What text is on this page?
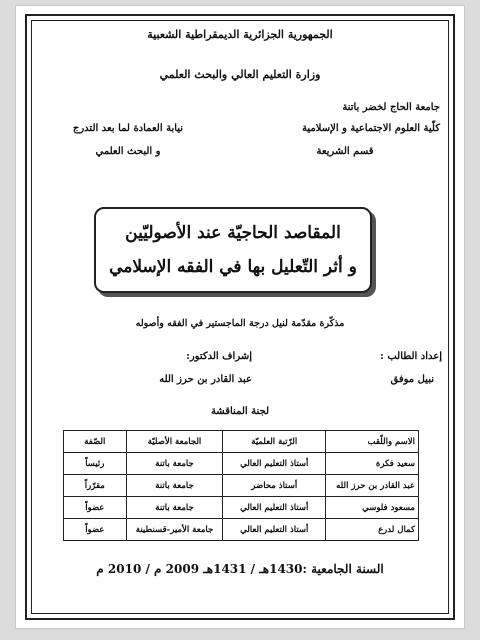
الجمهورية الجزائرية الديمقراطية الشعبية
وزارة التعليم العالي والبحث العلمي
جامعة الحاج لخضر باتنة
كلّية العلوم الاجتماعية و الإسلامية
قسم الشريعة
نيابة العمادة لما بعد التدرج
و البحث العلمي
المقاصد الحاجيّة عند الأصوليّين
و أثر التّعليل بها في الفقه الإسلامي
مذكّرة مقدّمة لنيل درجة الماجستير في الفقه وأصوله
إعداد الطالب :
نبيل موفق
إشراف الدكتور:
عبد القادر بن حرز الله
لجنة المناقشة
الاسم واللّقب	الرّتبة العلميّة	الجامعة الأصليّة	الصّفة
سعيد فكرة	أستاذ التعليم العالي	جامعة باتنة	رئيساً
عبد القادر بن حرز الله	أستاذ محاضر	جامعة باتنة	مقرّراً
مسعود فلوسي	أستاذ التعليم العالي	جامعة باتنة	عضواً
كمال لدرع	أستاذ التعليم العالي	جامعة الأمير-قسنطينة	عضواً
السنة الجامعية :1430هـ / 1431هـ 2009 م / 2010 م
